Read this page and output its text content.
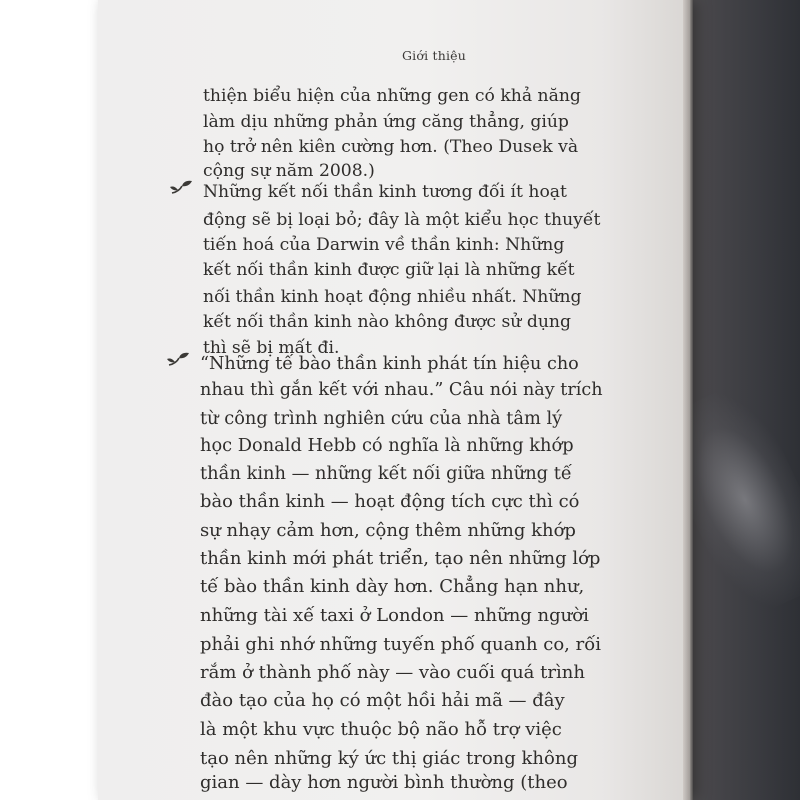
Giới thiệu
thiện biểu hiện của những gen có khả năng
làm dịu những phản ứng căng thẳng, giúp
họ trở nên kiên cường hơn. (Theo Dusek và
cộng sự năm 2008.)
Những kết nối thần kinh tương đối ít hoạt
động sẽ bị loại bỏ; đây là một kiểu học thuyết
tiến hoá của Darwin về thần kinh: Những
kết nối thần kinh được giữ lại là những kết
nối thần kinh hoạt động nhiều nhất. Những
kết nối thần kinh nào không được sử dụng
thì sẽ bị mất đi.
“Những tế bào thần kinh phát tín hiệu cho
nhau thì gắn kết với nhau.” Câu nói này trích
từ công trình nghiên cứu của nhà tâm lý
học Donald Hebb có nghĩa là những khớp
thần kinh — những kết nối giữa những tế
bào thần kinh — hoạt động tích cực thì có
sự nhạy cảm hơn, cộng thêm những khớp
thần kinh mới phát triển, tạo nên những lớp
tế bào thần kinh dày hơn. Chẳng hạn như,
những tài xế taxi ở London — những người
phải ghi nhớ những tuyến phố quanh co, rối
rắm ở thành phố này — vào cuối quá trình
đào tạo của họ có một hồi hải mã — đây
là một khu vực thuộc bộ não hỗ trợ việc
tạo nên những ký ức thị giác trong không
gian — dày hơn người bình thường (theo
